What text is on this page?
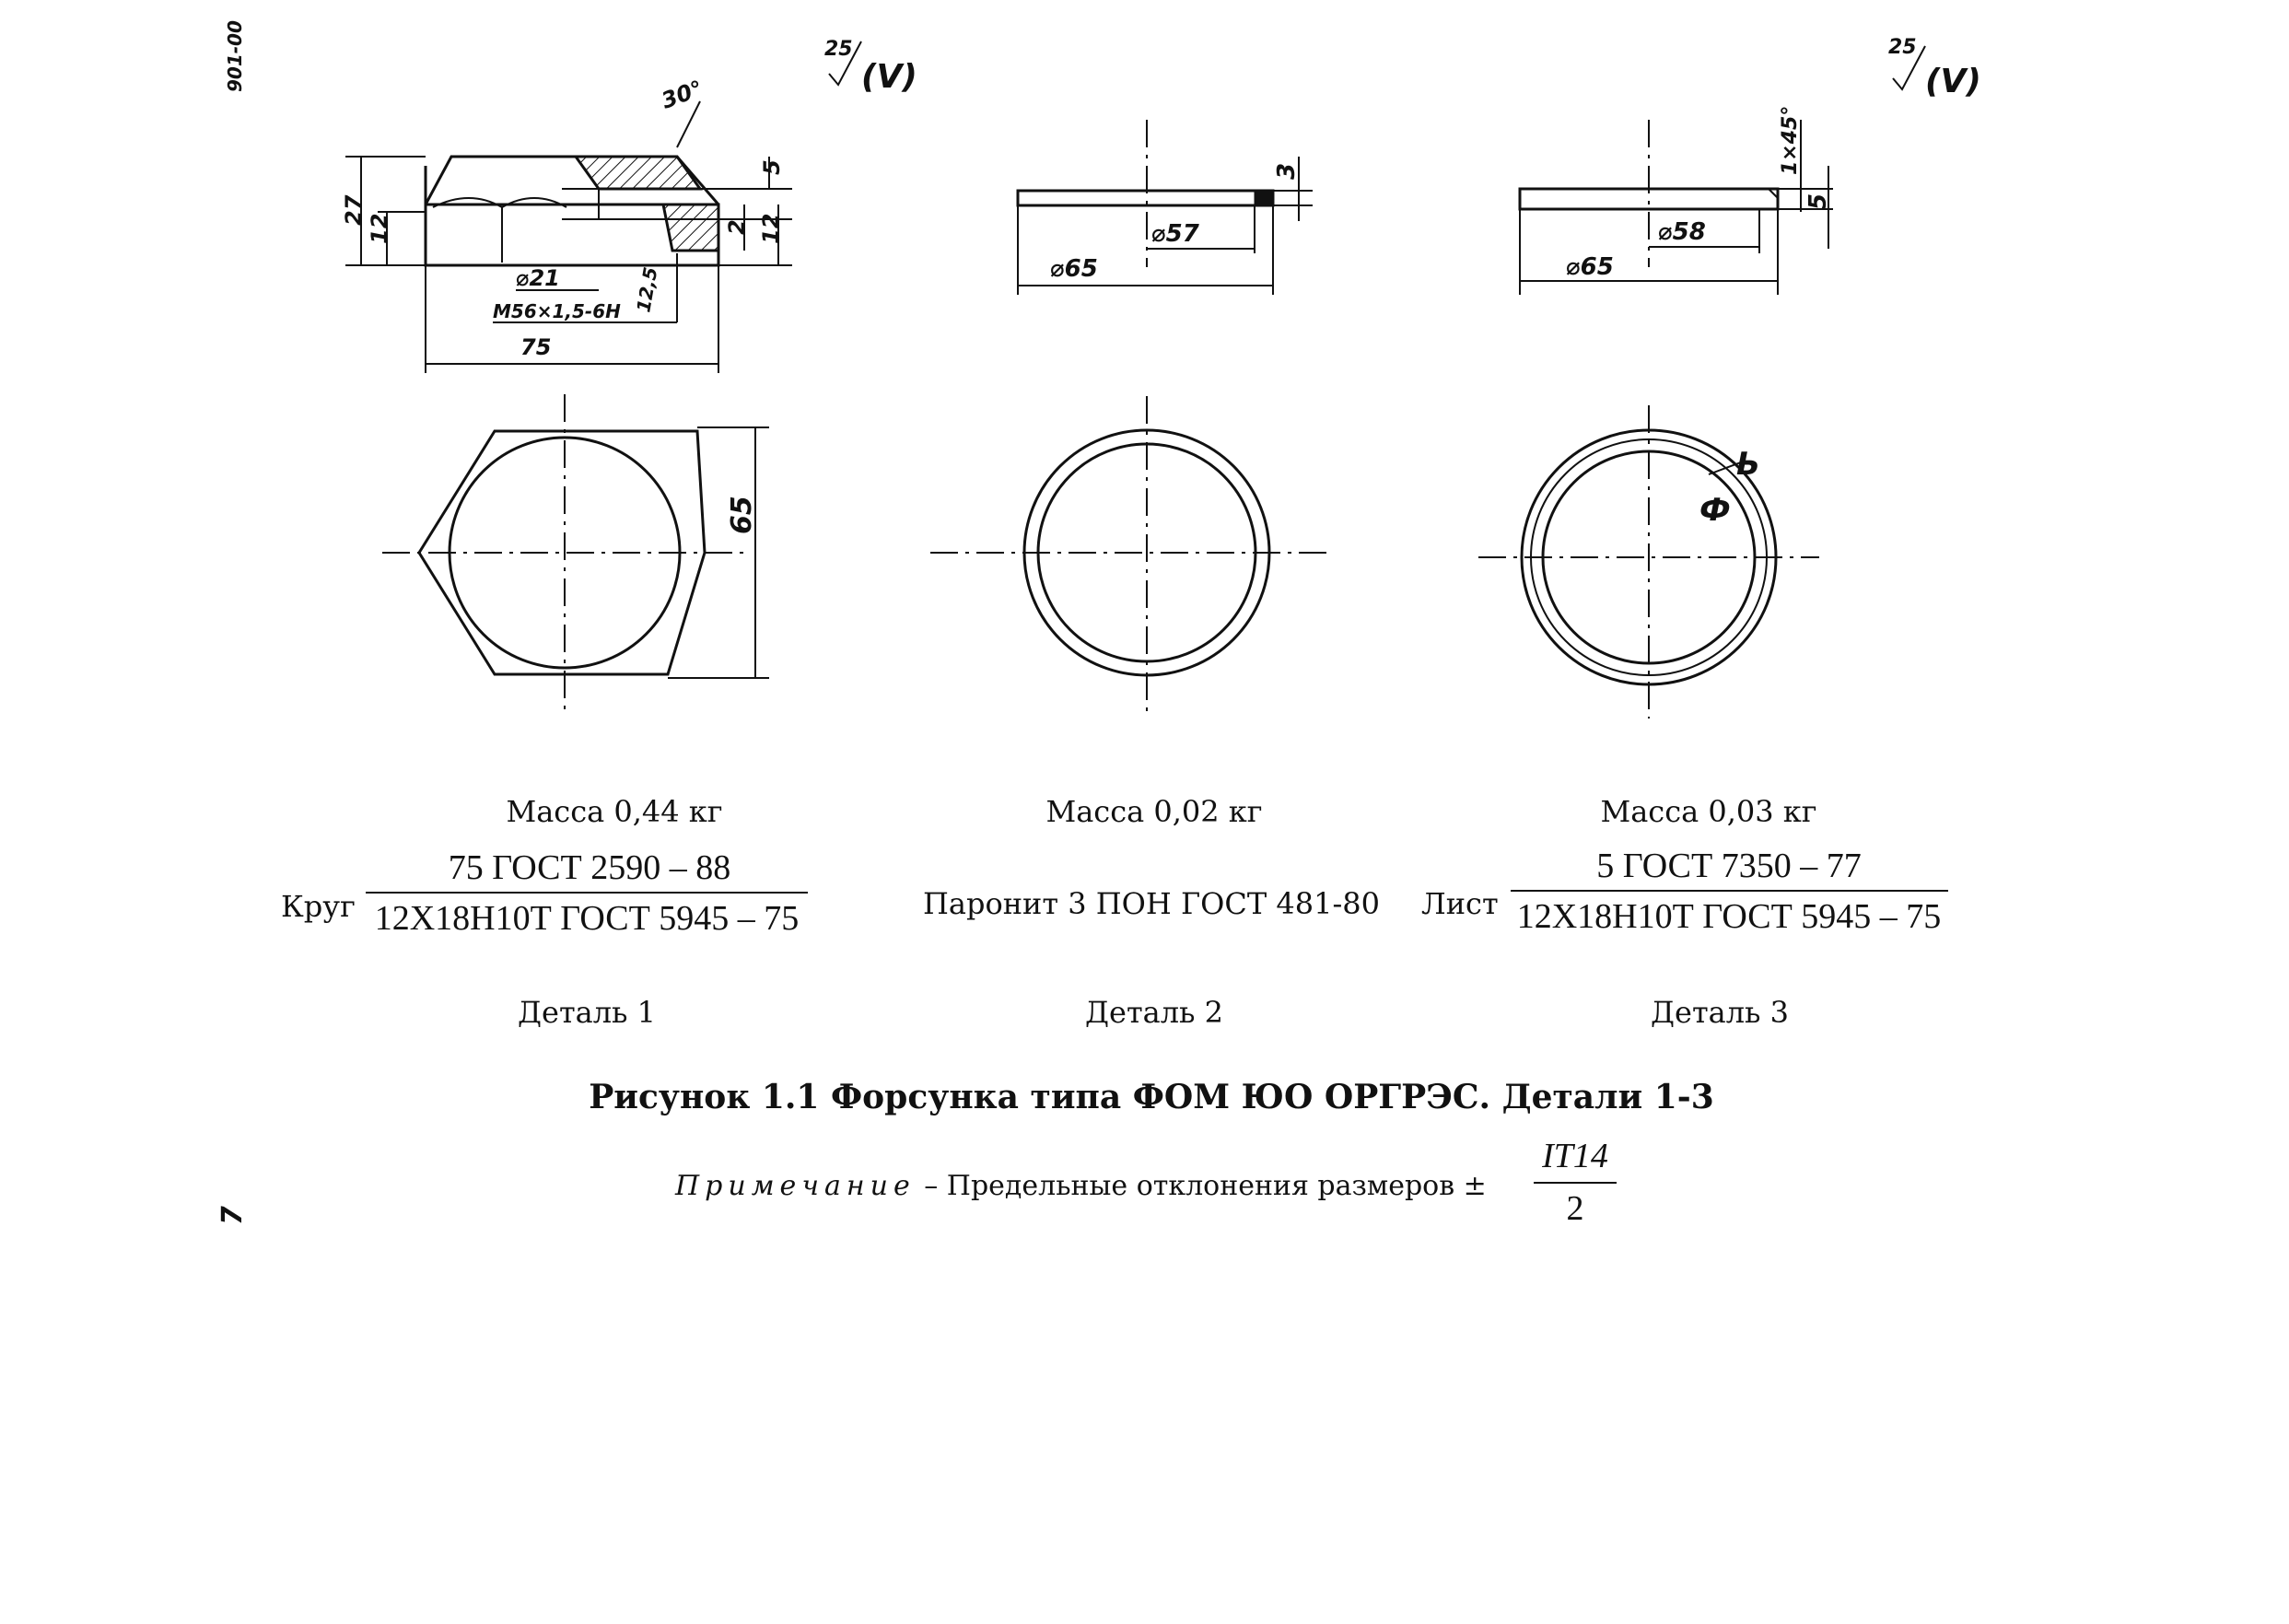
901-00
7
30°
27
12
5
2 12
⌀21
M56×1,5-6H 12,5
75
25
(V)
25
(V)
65
3
⌀57
⌀65
1×45°
5
⌀58
⌀65
Ь
Ф
Масса 0,44 кг
Круг
75 ГОСТ 2590 – 88
12Х18Н10Т ГОСТ 5945 – 75
Деталь 1
Масса 0,02 кг
Паронит 3 ПОН ГОСТ 481-80
Деталь 2
Масса 0,03 кг
Лист
5 ГОСТ 7350 – 77
12Х18Н10Т ГОСТ 5945 – 75
Деталь 3
Рисунок 1.1 Форсунка типа ФОМ ЮО ОРГРЭС. Детали 1-3
Примечание – Предельные отклонения размеров ±
IT14
2
